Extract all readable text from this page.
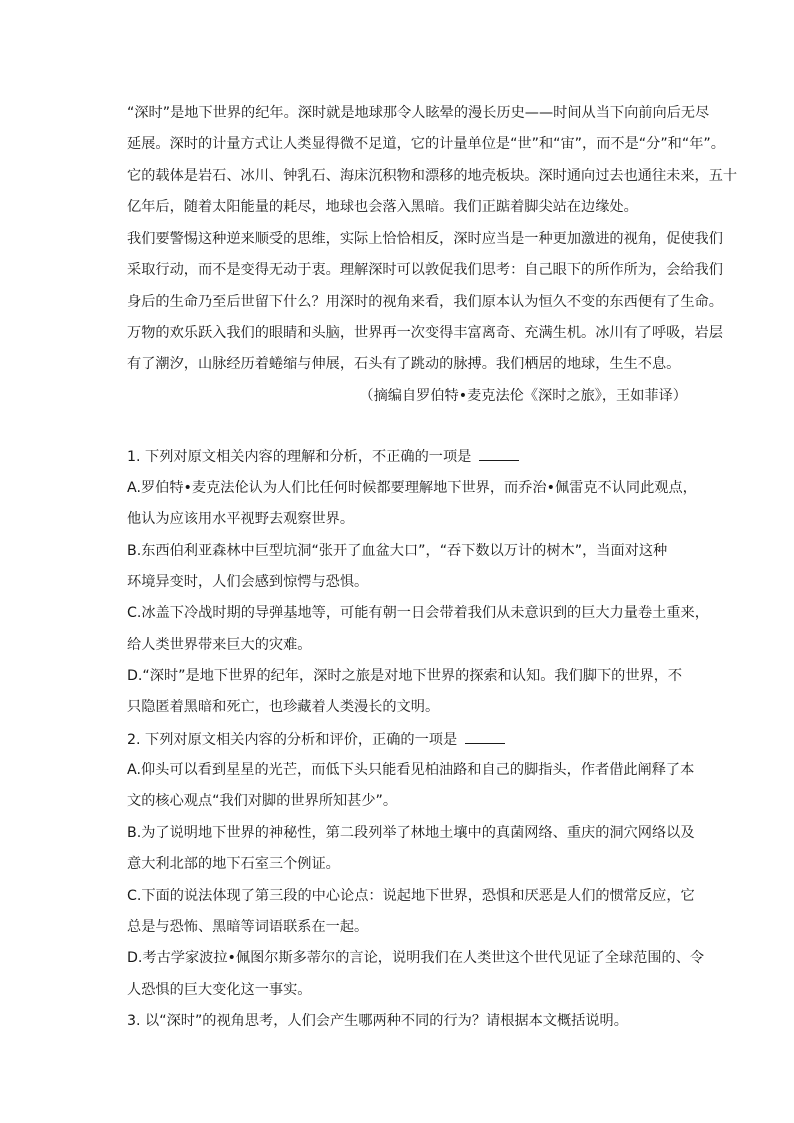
“深时”是地下世界的纪年。深时就是地球那令人眩晕的漫长历史——时间从当下向前向后无尽
延展。深时的计量方式让人类显得微不足道，它的计量单位是“世”和“宙”，而不是“分”和“年”。
它的载体是岩石、冰川、钟乳石、海床沉积物和漂移的地壳板块。深时通向过去也通往未来，五十
亿年后，随着太阳能量的耗尽，地球也会落入黑暗。我们正踮着脚尖站在边缘处。
我们要警惕这种逆来顺受的思维，实际上恰恰相反，深时应当是一种更加激进的视角，促使我们
采取行动，而不是变得无动于衷。理解深时可以敦促我们思考：自己眼下的所作所为，会给我们
身后的生命乃至后世留下什么？用深时的视角来看，我们原本认为恒久不变的东西便有了生命。
万物的欢乐跃入我们的眼睛和头脑，世界再一次变得丰富离奇、充满生机。冰川有了呼吸，岩层
有了潮汐，山脉经历着蜷缩与伸展，石头有了跳动的脉搏。我们栖居的地球，生生不息。
（摘编自罗伯特•麦克法伦《深时之旅》，王如菲译）
1. 下列对原文相关内容的理解和分析，不正确的一项是
A.罗伯特•麦克法伦认为人们比任何时候都要理解地下世界，而乔治•佩雷克不认同此观点，
他认为应该用水平视野去观察世界。
B.东西伯利亚森林中巨型坑洞“张开了血盆大口”，“吞下数以万计的树木”，当面对这种
环境异变时，人们会感到惊愕与恐惧。
C.冰盖下冷战时期的导弹基地等，可能有朝一日会带着我们从未意识到的巨大力量卷土重来，
给人类世界带来巨大的灾难。
D.“深时”是地下世界的纪年，深时之旅是对地下世界的探索和认知。我们脚下的世界，不
只隐匿着黑暗和死亡，也珍藏着人类漫长的文明。
2. 下列对原文相关内容的分析和评价，正确的一项是
A.仰头可以看到星星的光芒，而低下头只能看见柏油路和自己的脚指头，作者借此阐释了本
文的核心观点“我们对脚的世界所知甚少”。
B.为了说明地下世界的神秘性，第二段列举了林地土壤中的真菌网络、重庆的洞穴网络以及
意大利北部的地下石室三个例证。
C.下面的说法体现了第三段的中心论点：说起地下世界，恐惧和厌恶是人们的惯常反应，它
总是与恐怖、黑暗等词语联系在一起。
D.考古学家波拉•佩图尔斯多蒂尔的言论，说明我们在人类世这个世代见证了全球范围的、令
人恐惧的巨大变化这一事实。
3. 以“深时”的视角思考，人们会产生哪两种不同的行为？请根据本文概括说明。
